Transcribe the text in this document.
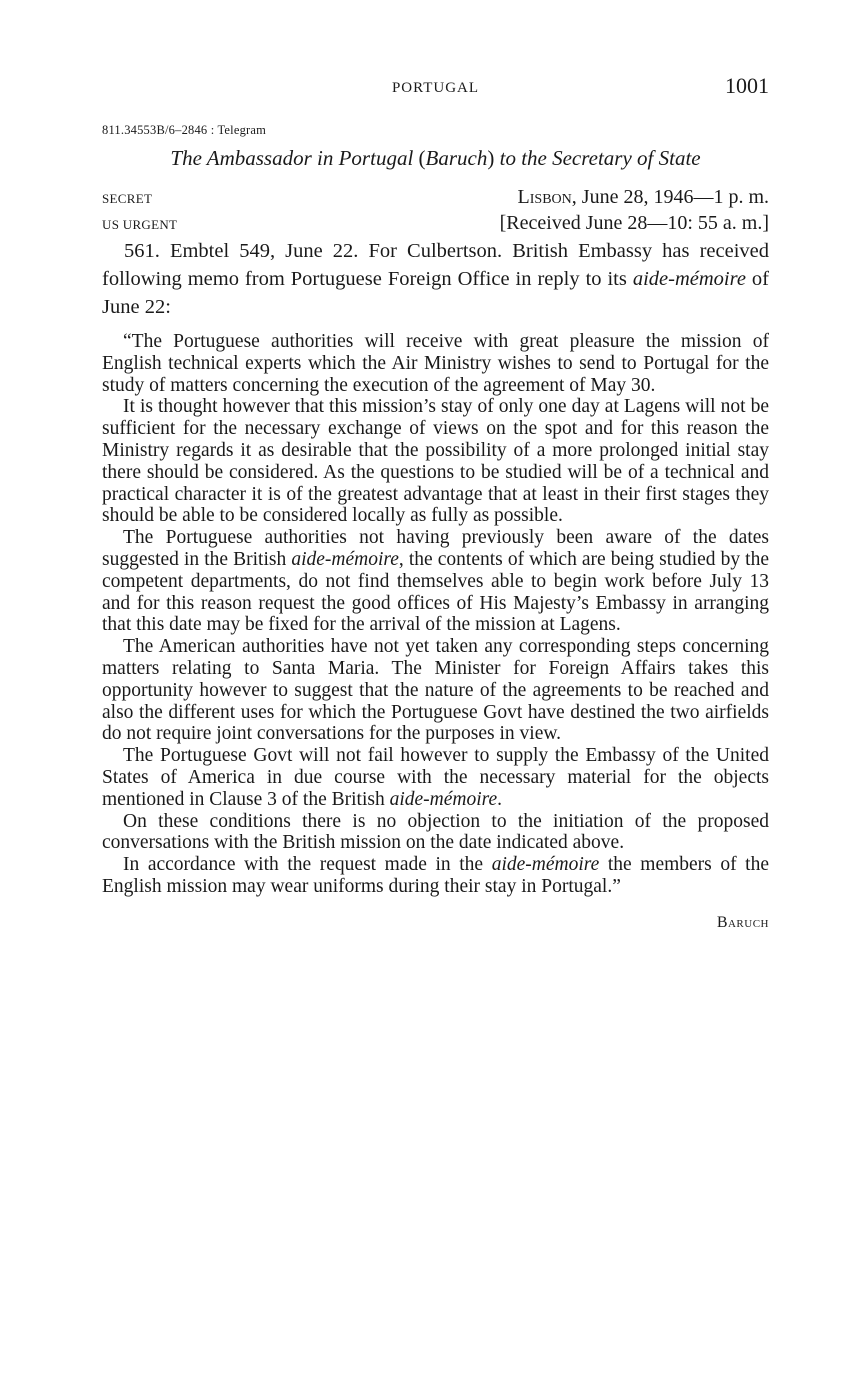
PORTUGAL	1001
811.34553B/6–2846 : Telegram
The Ambassador in Portugal (Baruch) to the Secretary of State
SECRET	Lisbon, June 28, 1946—1 p. m.
US URGENT	[Received June 28—10: 55 a. m.]

561. Embtel 549, June 22. For Culbertson. British Embassy has received following memo from Portuguese Foreign Office in reply to its aide-mémoire of June 22:

“The Portuguese authorities will receive with great pleasure the mission of English technical experts which the Air Ministry wishes to send to Portugal for the study of matters concerning the execution of the agreement of May 30.

It is thought however that this mission’s stay of only one day at Lagens will not be sufficient for the necessary exchange of views on the spot and for this reason the Ministry regards it as desirable that the possibility of a more prolonged initial stay there should be considered. As the questions to be studied will be of a technical and practical character it is of the greatest advantage that at least in their first stages they should be able to be considered locally as fully as possible.

The Portuguese authorities not having previously been aware of the dates suggested in the British aide-mémoire, the contents of which are being studied by the competent departments, do not find themselves able to begin work before July 13 and for this reason request the good offices of His Majesty’s Embassy in arranging that this date may be fixed for the arrival of the mission at Lagens.

The American authorities have not yet taken any corresponding steps concerning matters relating to Santa Maria. The Minister for Foreign Affairs takes this opportunity however to suggest that the nature of the agreements to be reached and also the different uses for which the Portuguese Govt have destined the two airfields do not require joint conversations for the purposes in view.

The Portuguese Govt will not fail however to supply the Embassy of the United States of America in due course with the necessary material for the objects mentioned in Clause 3 of the British aide-mémoire.

On these conditions there is no objection to the initiation of the proposed conversations with the British mission on the date indicated above.

In accordance with the request made in the aide-mémoire the members of the English mission may wear uniforms during their stay in Portugal.”

Baruch
